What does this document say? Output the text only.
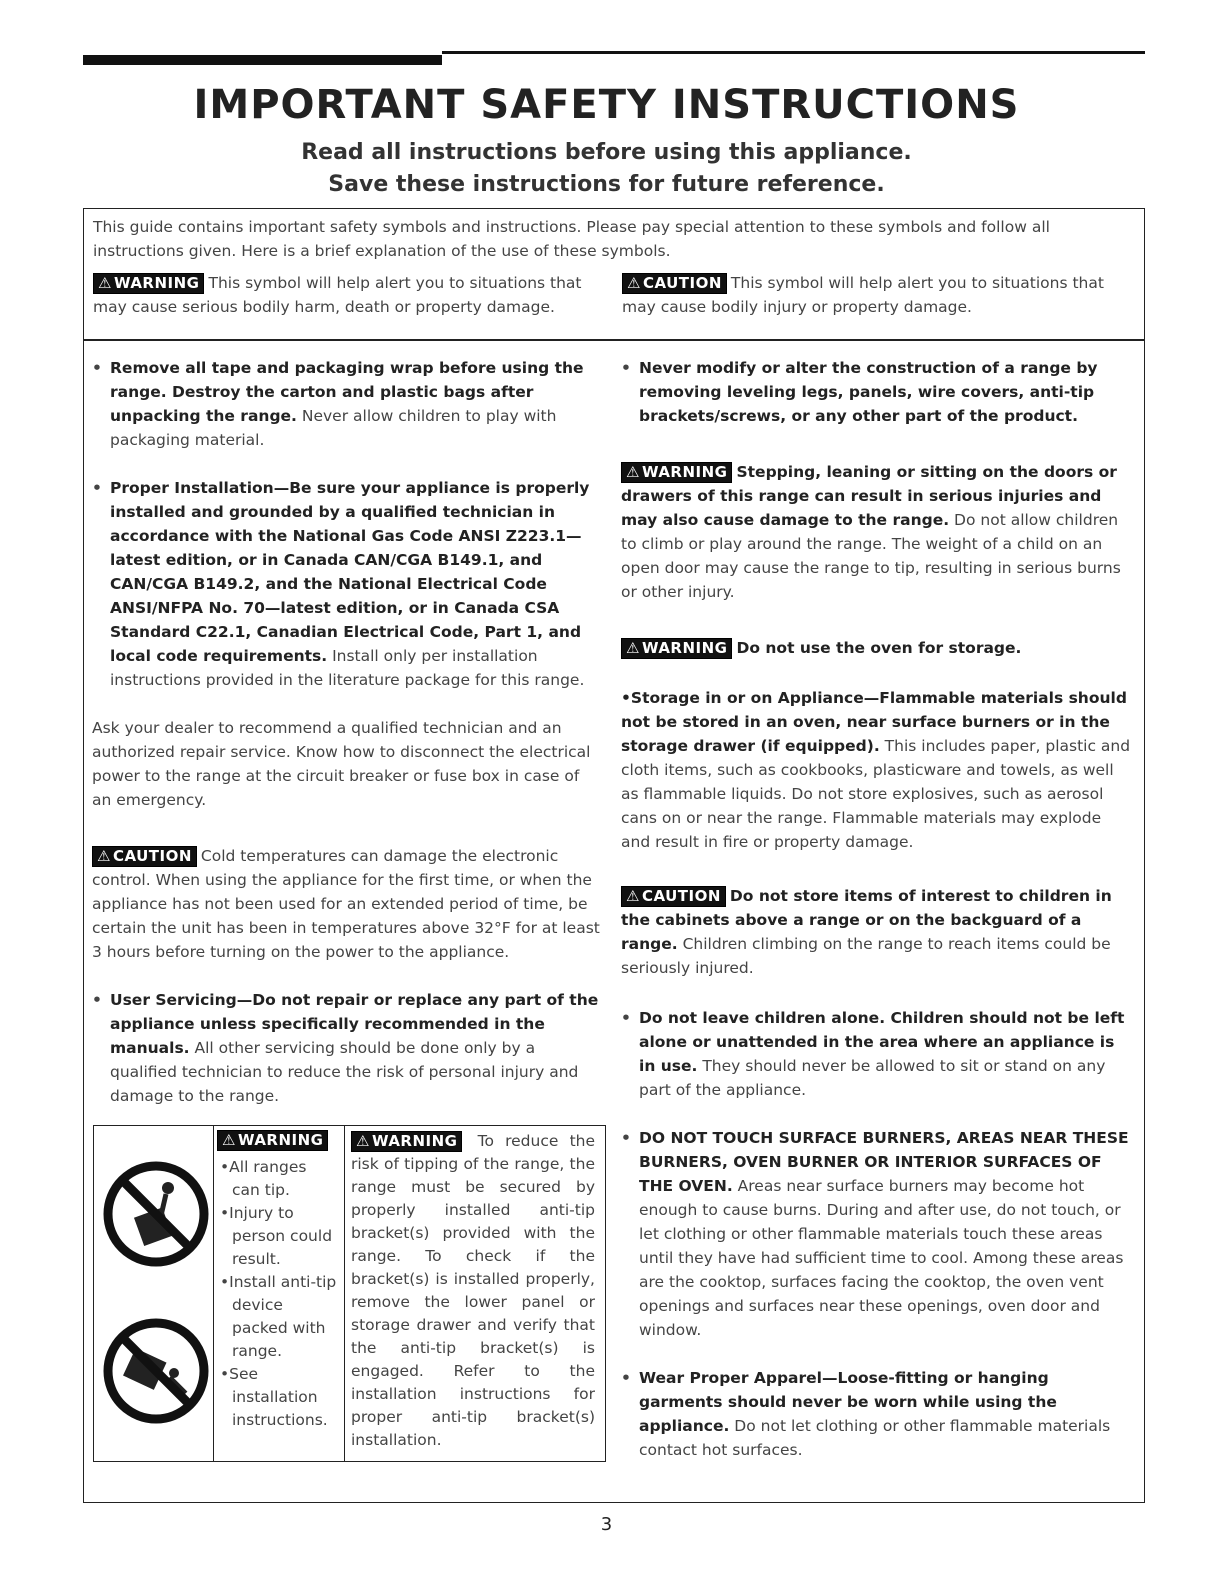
IMPORTANT SAFETY INSTRUCTIONS
Read all instructions before using this appliance.
Save these instructions for future reference.
This guide contains important safety symbols and instructions. Please pay special attention to these symbols and follow all instructions given. Here is a brief explanation of the use of these symbols.
⚠ WARNING This symbol will help alert you to situations that may cause serious bodily harm, death or property damage.
⚠ CAUTION This symbol will help alert you to situations that may cause bodily injury or property damage.
• Remove all tape and packaging wrap before using the range. Destroy the carton and plastic bags after unpacking the range. Never allow children to play with packaging material.
• Proper Installation—Be sure your appliance is properly installed and grounded by a qualified technician in accordance with the National Gas Code ANSI Z223.1—latest edition, or in Canada CAN/CGA B149.1, and CAN/CGA B149.2, and the National Electrical Code ANSI/NFPA No. 70—latest edition, or in Canada CSA Standard C22.1, Canadian Electrical Code, Part 1, and local code requirements. Install only per installation instructions provided in the literature package for this range.
Ask your dealer to recommend a qualified technician and an authorized repair service. Know how to disconnect the electrical power to the range at the circuit breaker or fuse box in case of an emergency.
⚠ CAUTION Cold temperatures can damage the electronic control. When using the appliance for the first time, or when the appliance has not been used for an extended period of time, be certain the unit has been in temperatures above 32°F for at least 3 hours before turning on the power to the appliance.
• User Servicing—Do not repair or replace any part of the appliance unless specifically recommended in the manuals. All other servicing should be done only by a qualified technician to reduce the risk of personal injury and damage to the range.
⚠ WARNING
•All ranges can tip.
•Injury to person could result.
•Install anti-tip device packed with range.
•See installation instructions.
⚠ WARNING To reduce the risk of tipping of the range, the range must be secured by properly installed anti-tip bracket(s) provided with the range. To check if the bracket(s) is installed properly, remove the lower panel or storage drawer and verify that the anti-tip bracket(s) is engaged. Refer to the installation instructions for proper anti-tip bracket(s) installation.
• Never modify or alter the construction of a range by removing leveling legs, panels, wire covers, anti-tip brackets/screws, or any other part of the product.
⚠ WARNING Stepping, leaning or sitting on the doors or drawers of this range can result in serious injuries and may also cause damage to the range. Do not allow children to climb or play around the range. The weight of a child on an open door may cause the range to tip, resulting in serious burns or other injury.
⚠ WARNING Do not use the oven for storage.
•Storage in or on Appliance—Flammable materials should not be stored in an oven, near surface burners or in the storage drawer (if equipped). This includes paper, plastic and cloth items, such as cookbooks, plasticware and towels, as well as flammable liquids. Do not store explosives, such as aerosol cans on or near the range. Flammable materials may explode and result in fire or property damage.
⚠ CAUTION Do not store items of interest to children in the cabinets above a range or on the backguard of a range. Children climbing on the range to reach items could be seriously injured.
• Do not leave children alone. Children should not be left alone or unattended in the area where an appliance is in use. They should never be allowed to sit or stand on any part of the appliance.
• DO NOT TOUCH SURFACE BURNERS, AREAS NEAR THESE BURNERS, OVEN BURNER OR INTERIOR SURFACES OF THE OVEN. Areas near surface burners may become hot enough to cause burns. During and after use, do not touch, or let clothing or other flammable materials touch these areas until they have had sufficient time to cool. Among these areas are the cooktop, surfaces facing the cooktop, the oven vent openings and surfaces near these openings, oven door and window.
• Wear Proper Apparel—Loose-fitting or hanging garments should never be worn while using the appliance. Do not let clothing or other flammable materials contact hot surfaces.
3
